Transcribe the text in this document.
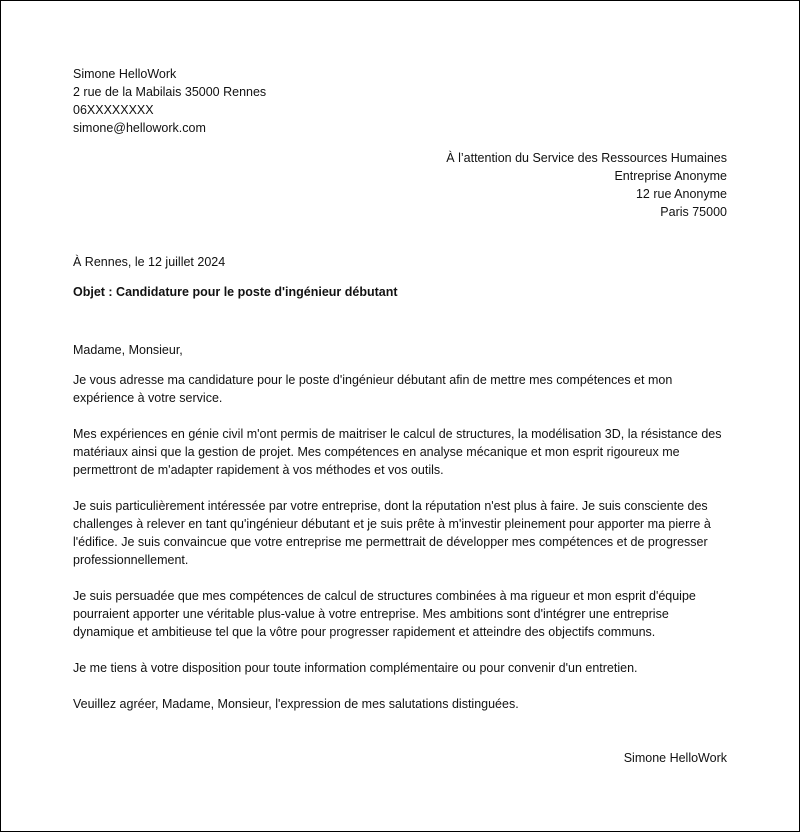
Simone HelloWork
2 rue de la Mabilais 35000 Rennes
06XXXXXXXX
simone@hellowork.com
À l’attention du Service des Ressources Humaines
Entreprise Anonyme
12 rue Anonyme
Paris 75000
À Rennes, le 12 juillet 2024
Objet : Candidature pour le poste d'ingénieur débutant

Madame, Monsieur,

Je vous adresse ma candidature pour le poste d'ingénieur débutant afin de mettre mes compétences et mon expérience à votre service.

Mes expériences en génie civil m'ont permis de maitriser le calcul de structures, la modélisation 3D, la résistance des matériaux ainsi que la gestion de projet. Mes compétences en analyse mécanique et mon esprit rigoureux me permettront de m'adapter rapidement à vos méthodes et vos outils.

Je suis particulièrement intéressée par votre entreprise, dont la réputation n'est plus à faire. Je suis consciente des challenges à relever en tant qu'ingénieur débutant et je suis prête à m'investir pleinement pour apporter ma pierre à l'édifice. Je suis convaincue que votre entreprise me permettrait de développer mes compétences et de progresser professionnellement.

Je suis persuadée que mes compétences de calcul de structures combinées à ma rigueur et mon esprit d'équipe pourraient apporter une véritable plus-value à votre entreprise. Mes ambitions sont d'intégrer une entreprise dynamique et ambitieuse tel que la vôtre pour progresser rapidement et atteindre des objectifs communs.

Je me tiens à votre disposition pour toute information complémentaire ou pour convenir d'un entretien.

Veuillez agréer, Madame, Monsieur, l'expression de mes salutations distinguées.

Simone HelloWork
